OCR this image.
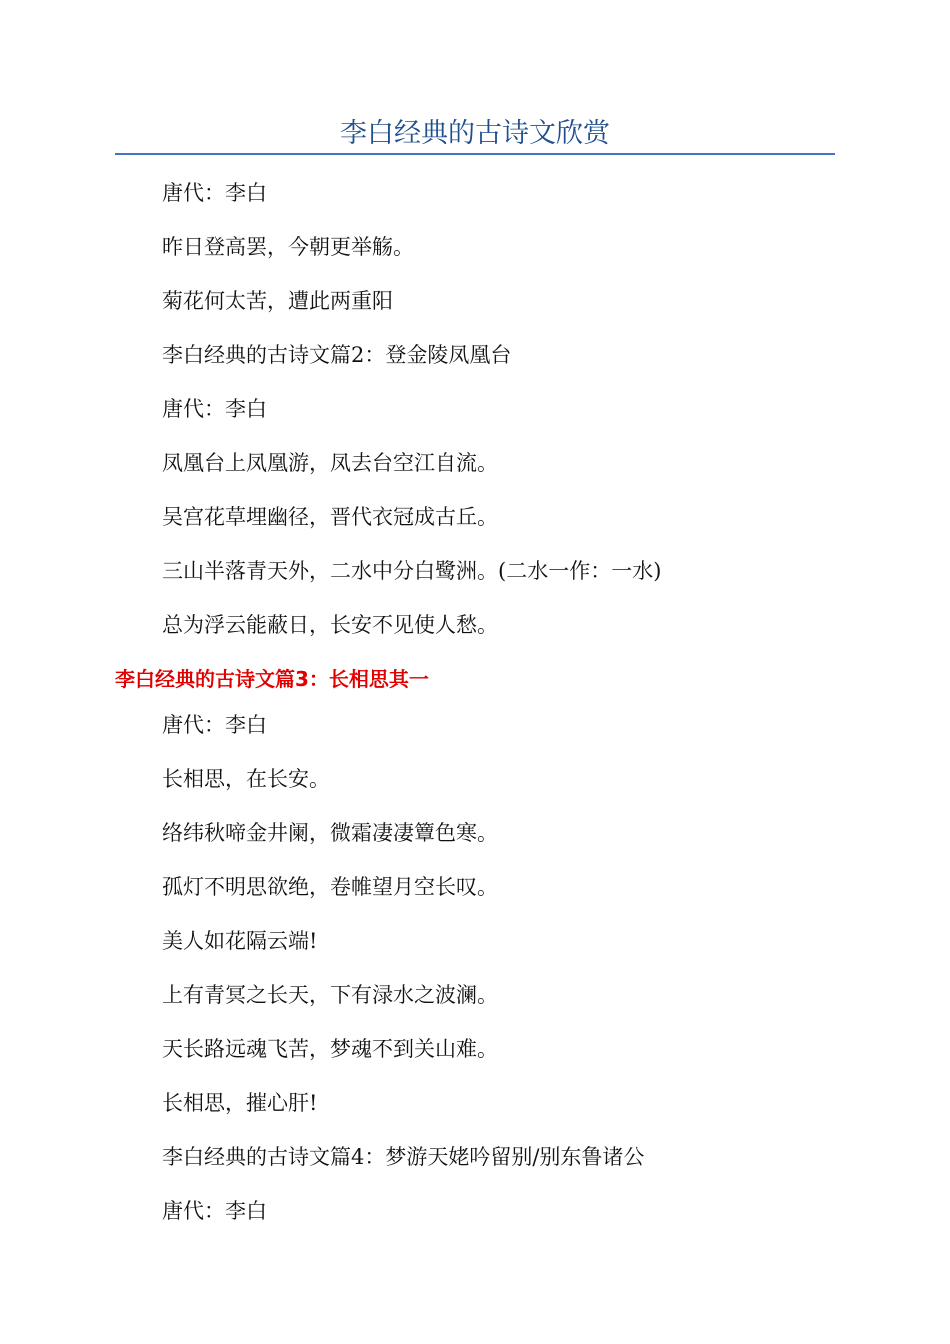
李白经典的古诗文欣赏

唐代：李白

昨日登高罢，今朝更举觞。

菊花何太苦，遭此两重阳

李白经典的古诗文篇2：登金陵凤凰台

唐代：李白

凤凰台上凤凰游，凤去台空江自流。

吴宫花草埋幽径，晋代衣冠成古丘。

三山半落青天外，二水中分白鹭洲。(二水一作：一水)

总为浮云能蔽日，长安不见使人愁。

李白经典的古诗文篇3：长相思其一

唐代：李白

长相思，在长安。

络纬秋啼金井阑，微霜凄凄簟色寒。

孤灯不明思欲绝，卷帷望月空长叹。

美人如花隔云端!

上有青冥之长天，下有渌水之波澜。

天长路远魂飞苦，梦魂不到关山难。

长相思，摧心肝!

李白经典的古诗文篇4：梦游天姥吟留别/别东鲁诸公

唐代：李白
